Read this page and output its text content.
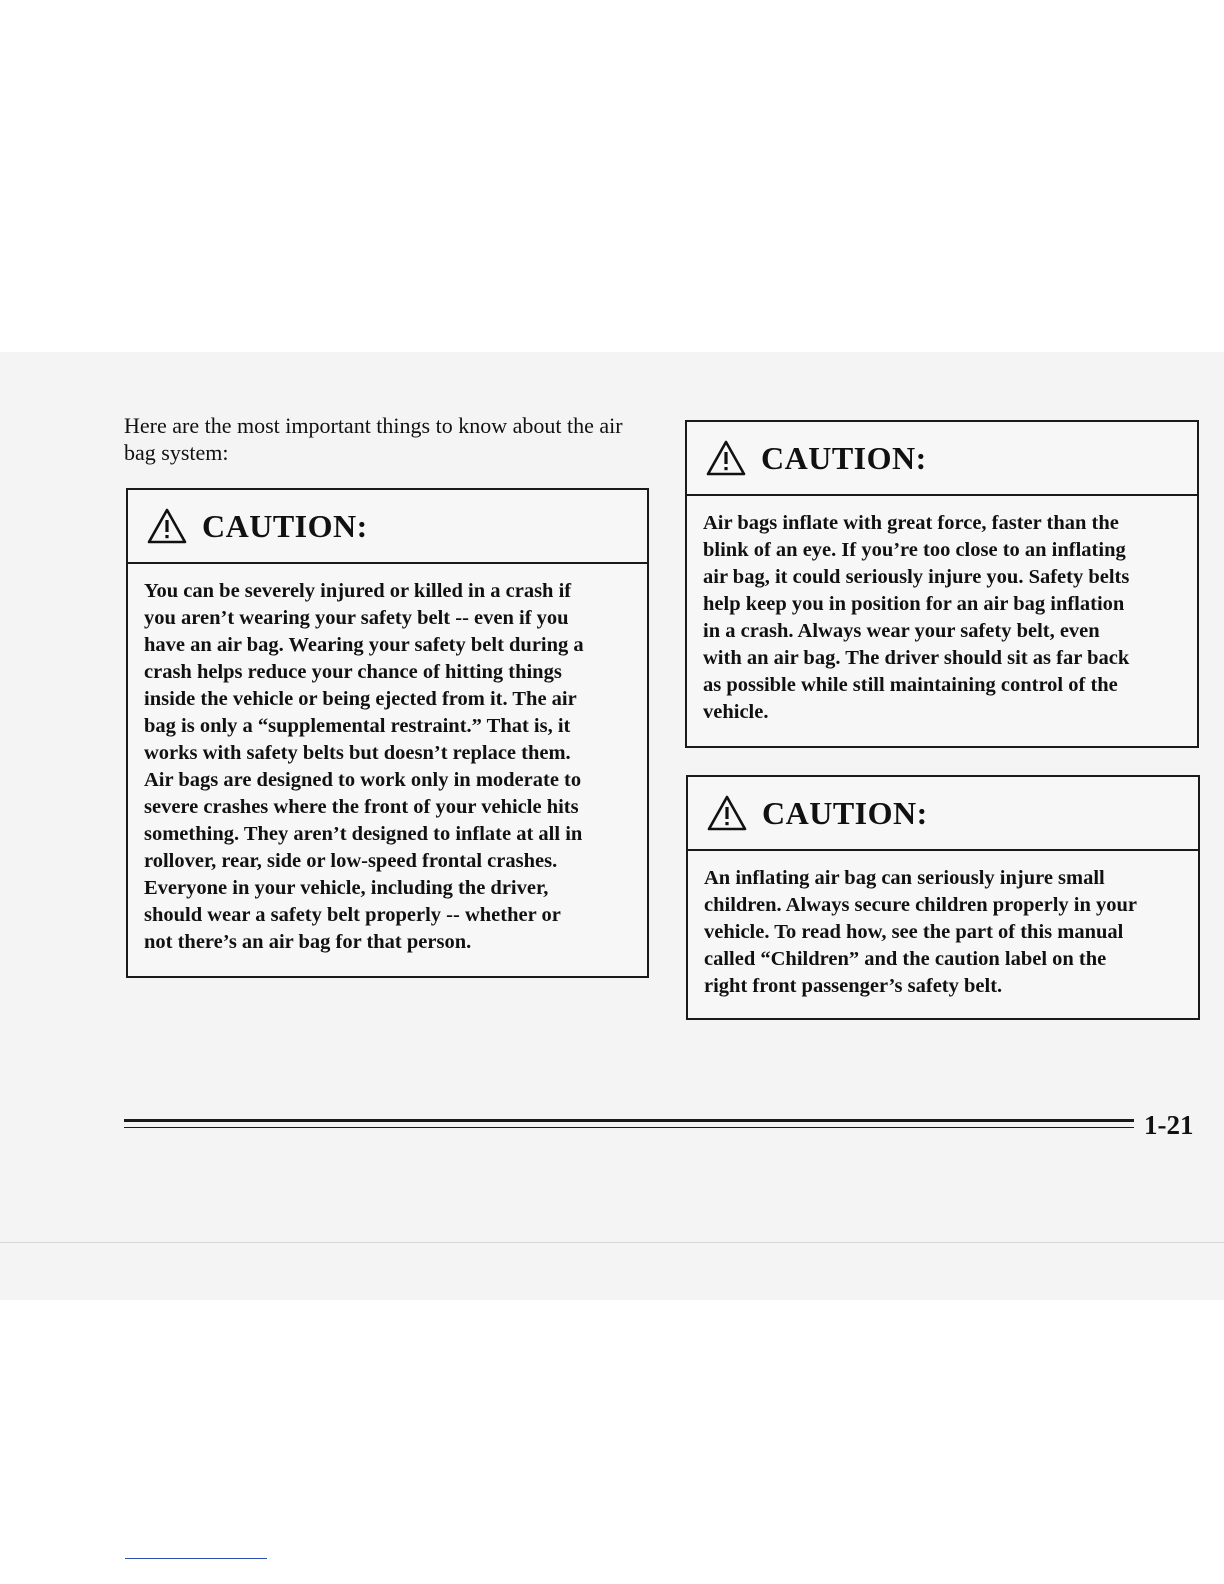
Here are the most important things to know about the air bag system:

CAUTION:

You can be severely injured or killed in a crash if
you aren’t wearing your safety belt -- even if you
have an air bag. Wearing your safety belt during a
crash helps reduce your chance of hitting things
inside the vehicle or being ejected from it. The air
bag is only a “supplemental restraint.” That is, it
works with safety belts but doesn’t replace them.
Air bags are designed to work only in moderate to
severe crashes where the front of your vehicle hits
something. They aren’t designed to inflate at all in
rollover, rear, side or low-speed frontal crashes.
Everyone in your vehicle, including the driver,
should wear a safety belt properly -- whether or
not there’s an air bag for that person.

CAUTION:

Air bags inflate with great force, faster than the
blink of an eye. If you’re too close to an inflating
air bag, it could seriously injure you. Safety belts
help keep you in position for an air bag inflation
in a crash. Always wear your safety belt, even
with an air bag. The driver should sit as far back
as possible while still maintaining control of the
vehicle.

CAUTION:

An inflating air bag can seriously injure small
children. Always secure children properly in your
vehicle. To read how, see the part of this manual
called “Children” and the caution label on the
right front passenger’s safety belt.

1-21
